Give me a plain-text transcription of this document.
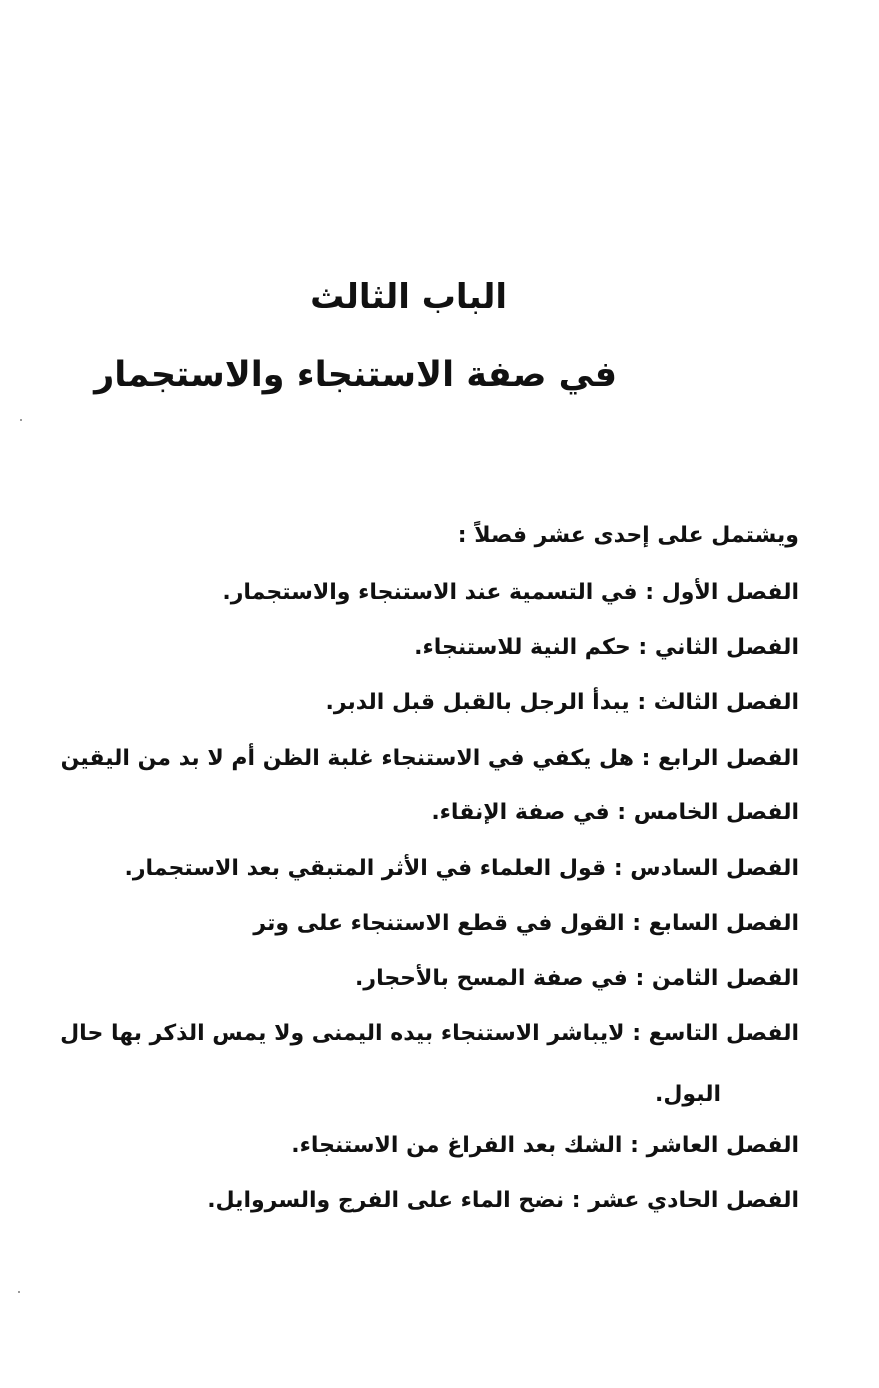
الباب الثالث
في صفة الاستنجاء والاستجمار
ويشتمل على إحدى عشر فصلاً :
الفصل الأول : في التسمية عند الاستنجاء والاستجمار.
الفصل الثاني : حكم النية للاستنجاء.
الفصل الثالث : يبدأ الرجل بالقبل قبل الدبر.
الفصل الرابع : هل يكفي في الاستنجاء غلبة الظن أم لا بد من اليقين
الفصل الخامس : في صفة الإنقاء.
الفصل السادس : قول العلماء في الأثر المتبقي بعد الاستجمار.
الفصل السابع : القول في قطع الاستنجاء على وتر
الفصل الثامن : في صفة المسح بالأحجار.
الفصل التاسع : لايباشر الاستنجاء بيده اليمنى ولا يمس الذكر بها حال
البول.
الفصل العاشر : الشك بعد الفراغ من الاستنجاء.
الفصل الحادي عشر : نضح الماء على الفرج والسروايل.
